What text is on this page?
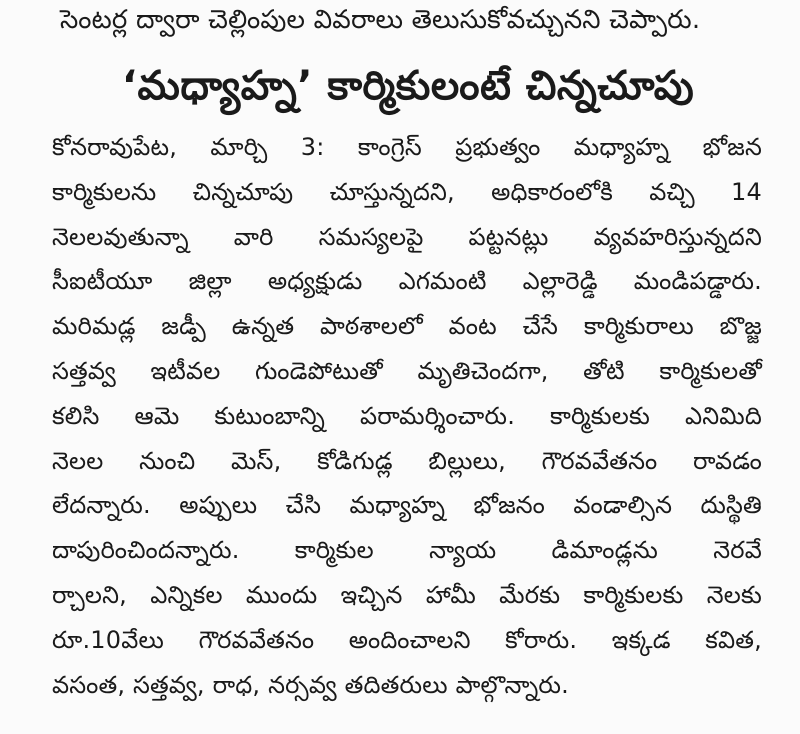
సెంటర్ల ద్వారా చెల్లింపుల వివరాలు తెలుసుకోవచ్చునని చెప్పారు.
‘మధ్యాహ్న’ కార్మికులంటే చిన్నచూపు
కోనరావుపేట, మార్చి 3: కాంగ్రెస్ ప్రభుత్వం మధ్యాహ్న భోజన
కార్మికులను చిన్నచూపు చూస్తున్నదని, అధికారంలోకి వచ్చి 14
నెలలవుతున్నా వారి సమస్యలపై పట్టనట్లు వ్యవహరిస్తున్నదని
సీఐటీయూ జిల్లా అధ్యక్షుడు ఎగమంటి ఎల్లారెడ్డి మండిపడ్డారు.
మరిమడ్ల జడ్పీ ఉన్నత పాఠశాలలో వంట చేసే కార్మికురాలు బొజ్జ
సత్తవ్వ ఇటీవల గుండెపోటుతో మృతిచెందగా, తోటి కార్మికులతో
కలిసి ఆమె కుటుంబాన్ని పరామర్శించారు. కార్మికులకు ఎనిమిది
నెలల నుంచి మెస్, కోడిగుడ్ల బిల్లులు, గౌరవవేతనం రావడం
లేదన్నారు. అప్పులు చేసి మధ్యాహ్న భోజనం వండాల్సిన దుస్థితి
దాపురించిందన్నారు. కార్మికుల న్యాయ డిమాండ్లను నెరవే
ర్చాలని, ఎన్నికల ముందు ఇచ్చిన హామీ మేరకు కార్మికులకు నెలకు
రూ.10వేలు గౌరవవేతనం అందించాలని కోరారు. ఇక్కడ కవిత,
వసంత, సత్తవ్వ, రాధ, నర్సవ్వ తదితరులు పాల్గొన్నారు.
